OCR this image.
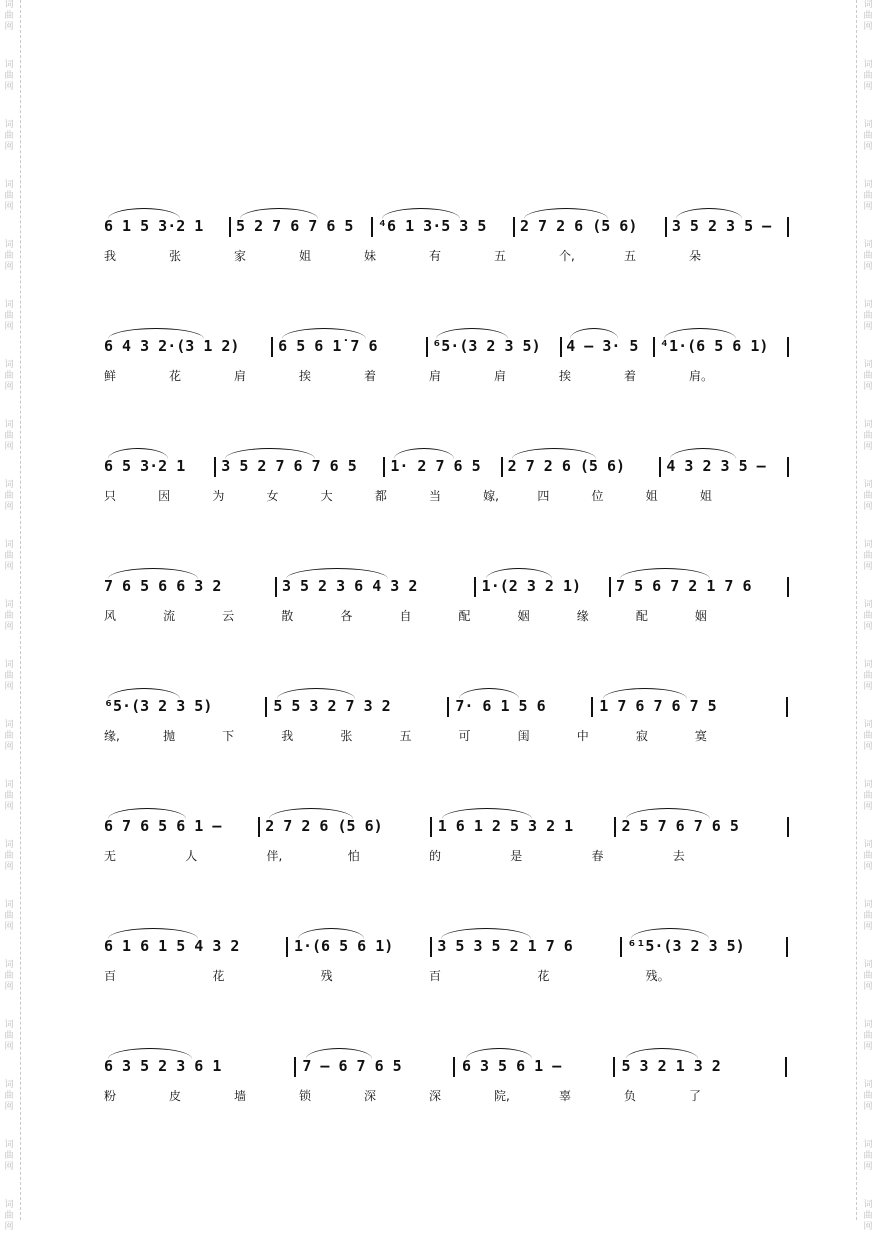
词
曲
网
词
曲
网
词
曲
网
词
曲
网
词
曲
网
词
曲
网
词
曲
网
词
曲
网
词
曲
网
词
曲
网
词
曲
网
词
曲
网
词
曲
网
词
曲
网
词
曲
网
词
曲
网
词
曲
网
词
曲
网
词
曲
网
词
曲
网
词
曲
网
词
曲
网
词
曲
网
词
曲
网
词
曲
网
词
曲
网
词
曲
网
词
曲
网
词
曲
网
词
曲
网
词
曲
网
词
曲
网
词
曲
网
词
曲
网
词
曲
网
词
曲
网
词
曲
网
词
曲
网
词
曲
网
词
曲
网
词
曲
网
词
曲
网
6 1 5 3·2 1 5 2 7 6 7 6 5 ⁴6 1 3·5 3 5 2 7 2 6 (5 6) 3 5 2 3 5 —
我	张	家	姐	妹	有	五	个,	五	朵
6 4 3 2·(3 1 2)	6 5 6 1̇ 7 6	⁶5·(3 2 3 5) 4 — 3· 5 ⁴1·(6 5 6 1)
鲜	花	肩	挨	着	肩	肩	挨	着	肩。
6 5 3·2 1 3 5 2 7 6 7 6 5 1· 2 7 6 5 2 7 2 6 (5 6)	4 3 2 3 5 —
只	因	为	女	大	都	当	嫁,	四	位	姐	姐
7 6 5 6 6 3 2	3 5 2 3 6 4 3 2	1·(2 3 2 1) 7 5 6 7 2 1 7 6
风	流	云	散	各	自	配	姻	缘	配	姻
⁶5·(3 2 3 5)	5 5 3 2 7 3 2	7· 6 1 5 6	1 7 6 7 6 7 5
缘,	抛	下	我	张	五	可	闺	中	寂	寞
6 7 6 5 6 1 —	2 7 2 6 (5 6)	1 6 1 2 5 3 2 1	2 5 7 6 7 6 5
无	人	伴,	怕	的	是	春	去
6 1 6 1 5 4 3 2	1·(6 5 6 1)	3 5 3 5 2 1 7 6	⁶¹5·(3 2 3 5)
百	花	残	百	花	残。
6 3 5 2 3 6 1	7 — 6 7 6 5	6 3 5 6 1 —	5 3 2 1 3 2
粉	皮	墙	锁	深	深	院,	辜	负	了
